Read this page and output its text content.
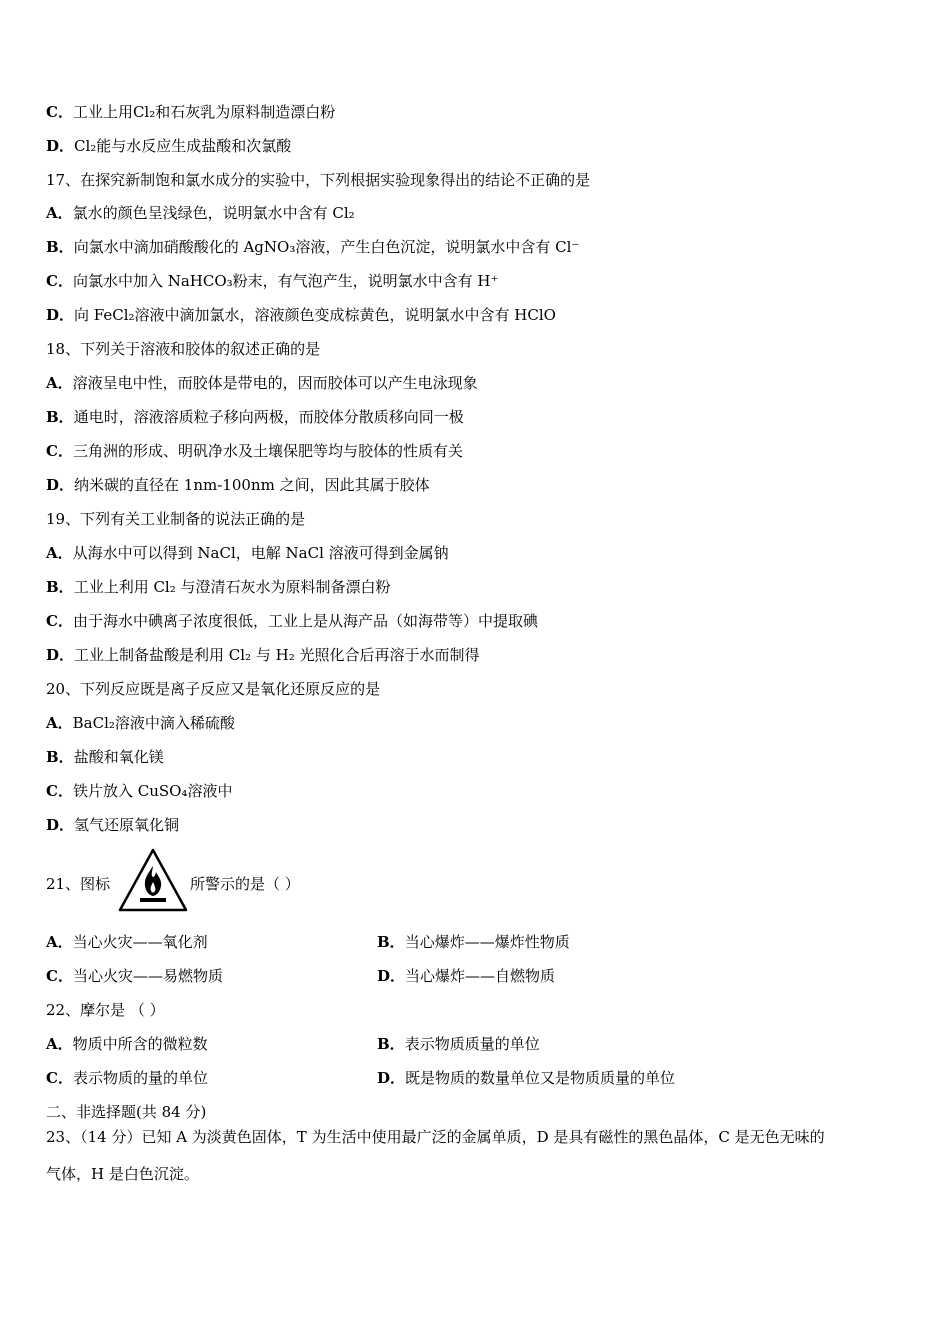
C．工业上用Cl₂和石灰乳为原料制造漂白粉
D．Cl₂能与水反应生成盐酸和次氯酸
17、在探究新制饱和氯水成分的实验中，下列根据实验现象得出的结论不正确的是
A．氯水的颜色呈浅绿色，说明氯水中含有 Cl₂
B．向氯水中滴加硝酸酸化的 AgNO₃溶液，产生白色沉淀，说明氯水中含有 Cl⁻
C．向氯水中加入 NaHCO₃粉末，有气泡产生，说明氯水中含有 H⁺
D．向 FeCl₂溶液中滴加氯水，溶液颜色变成棕黄色，说明氯水中含有 HClO
18、下列关于溶液和胶体的叙述正确的是
A．溶液呈电中性，而胶体是带电的，因而胶体可以产生电泳现象
B．通电时，溶液溶质粒子移向两极，而胶体分散质移向同一极
C．三角洲的形成、明矾净水及土壤保肥等均与胶体的性质有关
D．纳米碳的直径在 1nm-100nm 之间，因此其属于胶体
19、下列有关工业制备的说法正确的是
A．从海水中可以得到 NaCl，电解 NaCl 溶液可得到金属钠
B．工业上利用 Cl₂ 与澄清石灰水为原料制备漂白粉
C．由于海水中碘离子浓度很低，工业上是从海产品（如海带等）中提取碘
D．工业上制备盐酸是利用 Cl₂ 与 H₂ 光照化合后再溶于水而制得
20、下列反应既是离子反应又是氧化还原反应的是
A．BaCl₂溶液中滴入稀硫酸
B．盐酸和氧化镁
C．铁片放入 CuSO₄溶液中
D．氢气还原氧化铜
21、图标	所警示的是（ ）
A．当心火灾——氧化剂	B．当心爆炸——爆炸性物质
C．当心火灾——易燃物质	D．当心爆炸——自燃物质
22、摩尔是 （ ）
A．物质中所含的微粒数	B．表示物质质量的单位
C．表示物质的量的单位	D．既是物质的数量单位又是物质质量的单位
二、非选择题(共 84 分)
23、（14 分）已知 A 为淡黄色固体，T 为生活中使用最广泛的金属单质，D 是具有磁性的黑色晶体，C 是无色无味的
气体，H 是白色沉淀。
